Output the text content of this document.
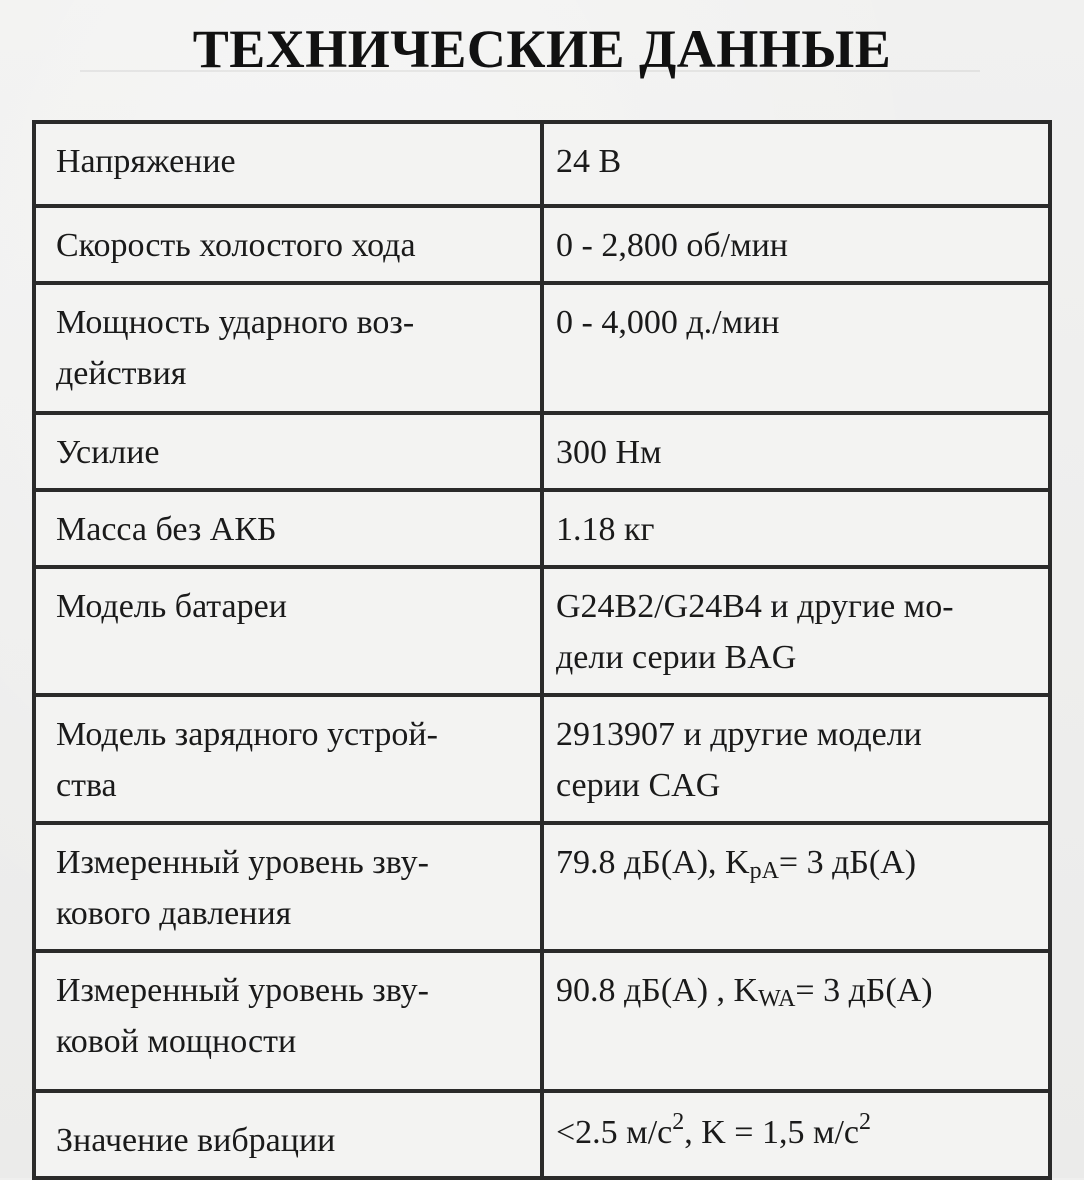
ТЕХНИЧЕСКИЕ ДАННЫЕ
Напряжение	24 В
Скорость холостого хода	0 - 2,800 об/мин
Мощность ударного воз-
действия	0 - 4,000 д./мин
Усилие	300 Нм
Масса без АКБ	1.18 кг
Модель батареи	G24B2/G24B4 и другие мо-
дели серии BAG
Модель зарядного устрой-
ства	2913907 и другие модели
серии CAG
Измеренный уровень зву-
кового давления	79.8 дБ(А), $K_{pA}= 3$ дБ(А)
Измеренный уровень зву-
ковой мощности	90.8 дБ(А) , $K_{WA}= 3$ дБ(А)
Значение вибрации	<2.5 $м/с^2$, K = 1,5 $м/с^2$
